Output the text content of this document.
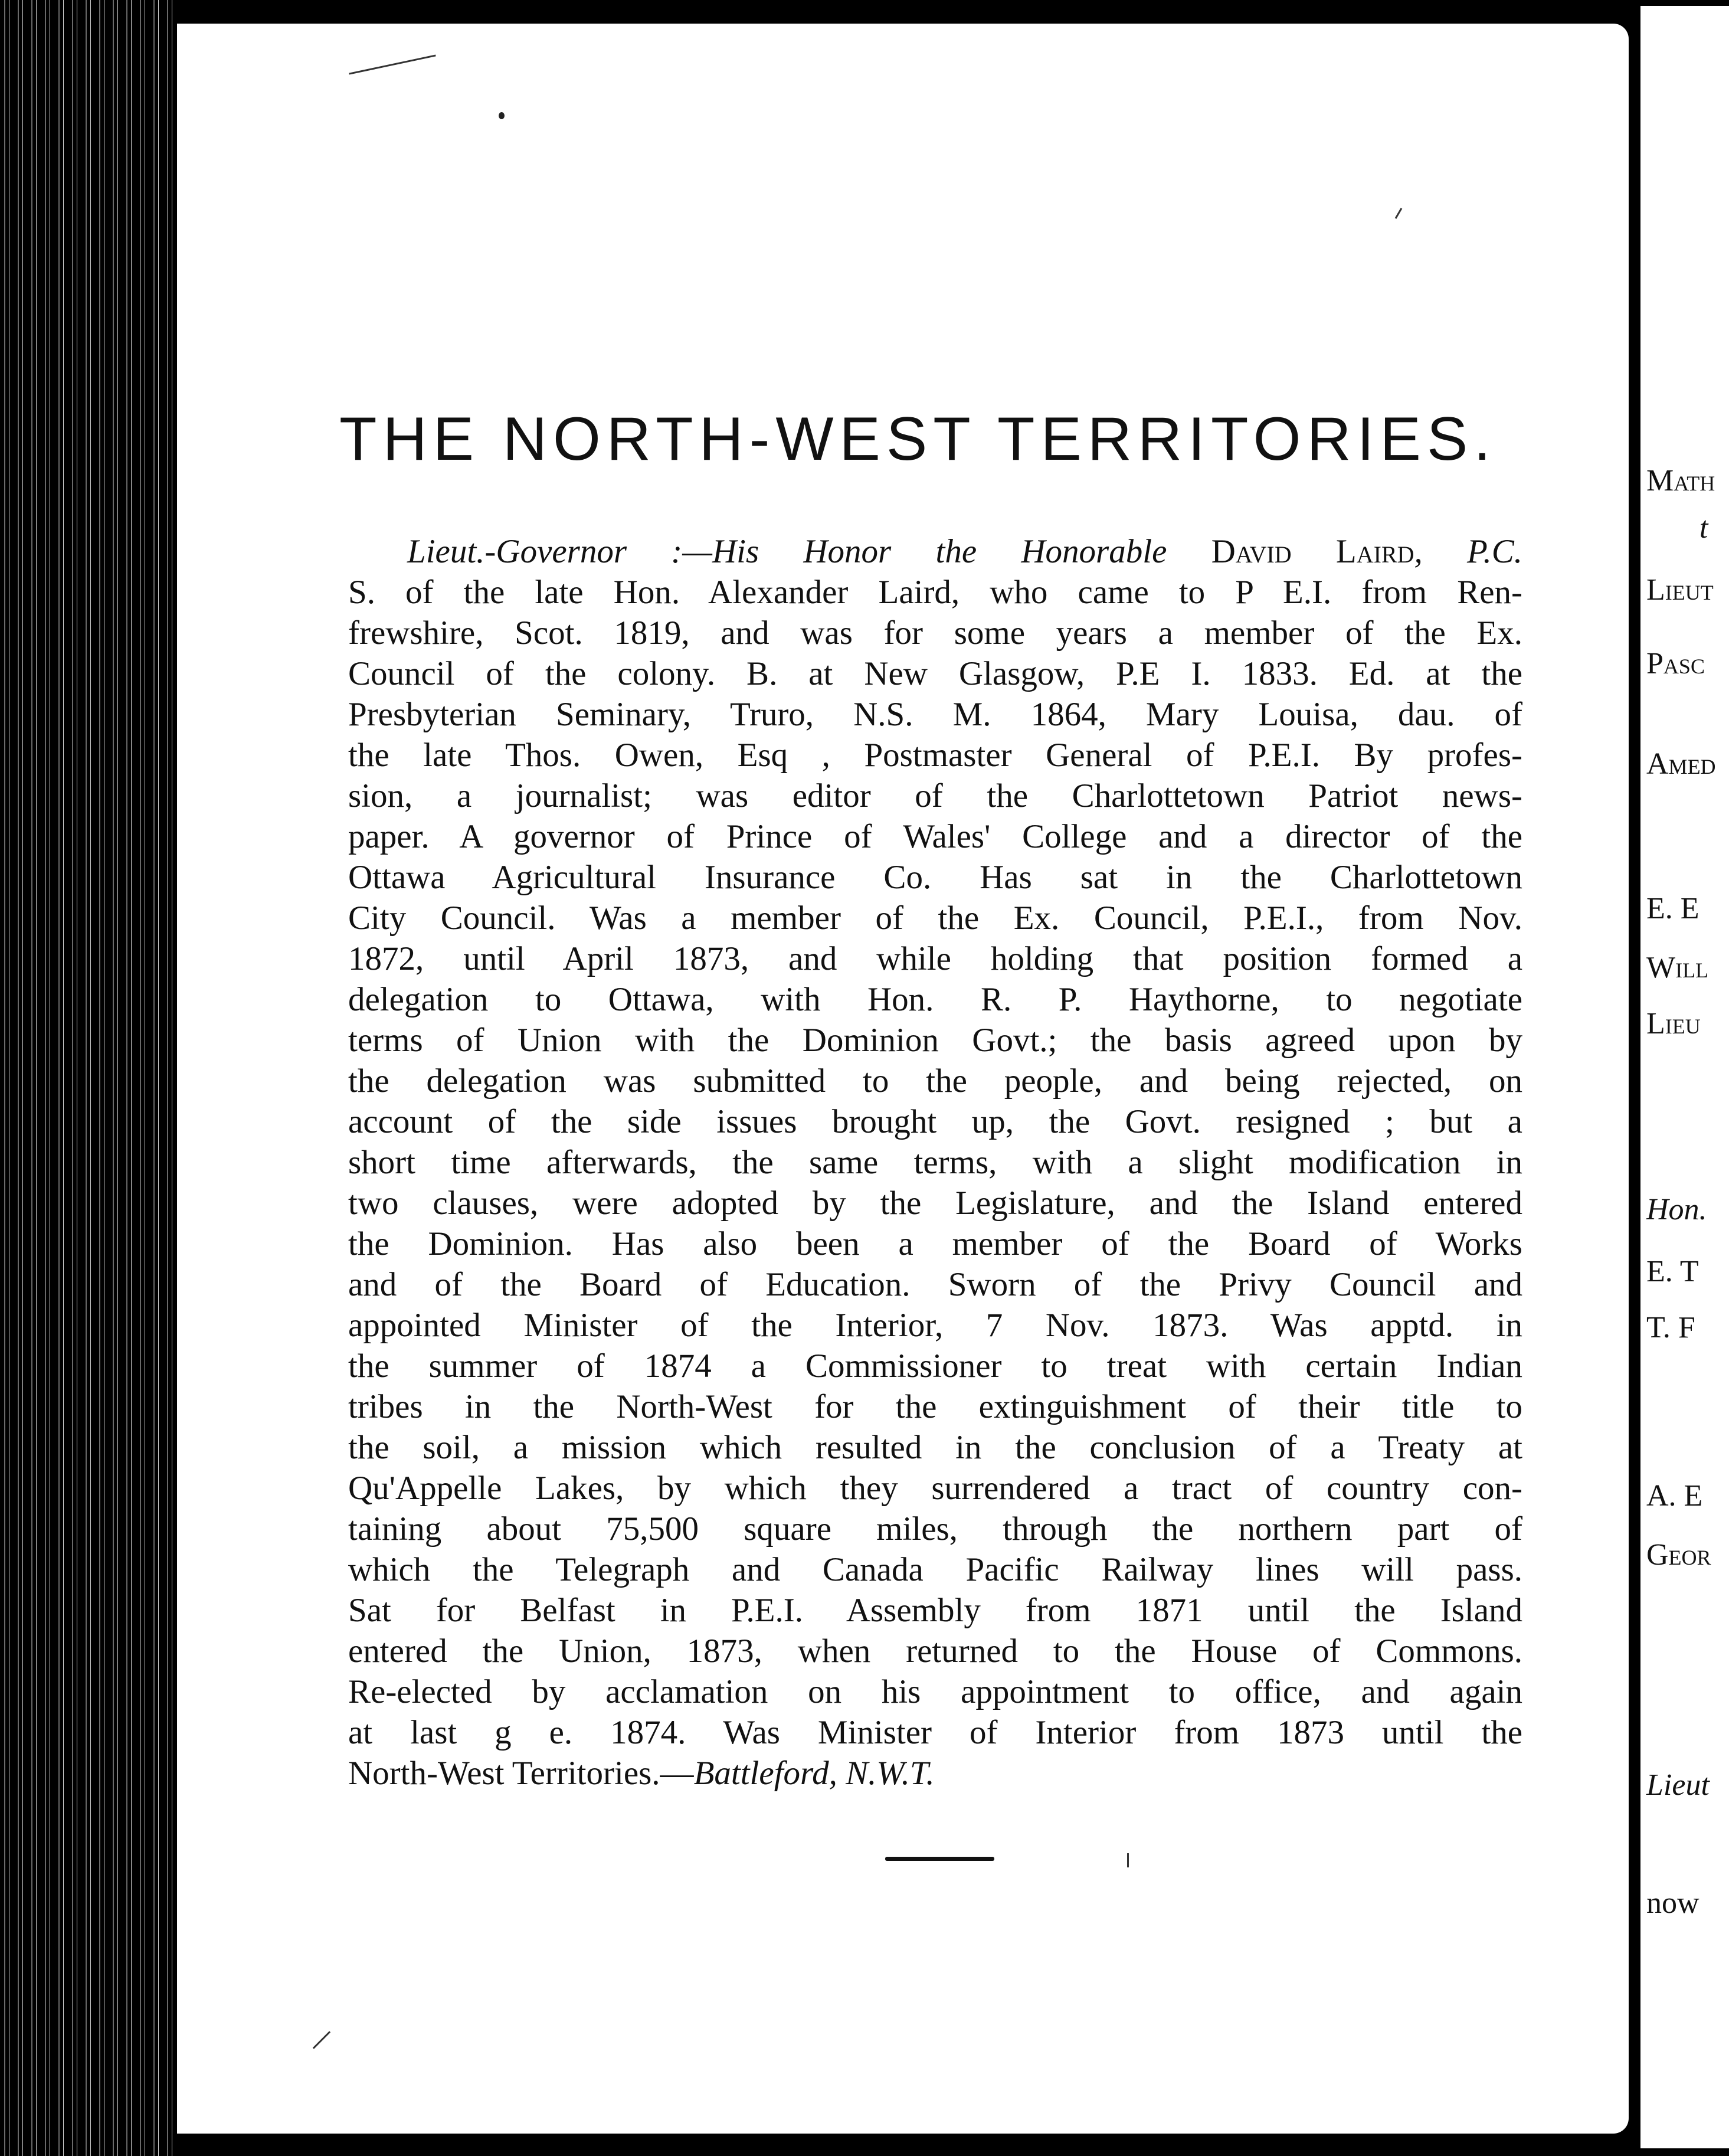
THE NORTH-WEST TERRITORIES.
Lieut.-Governor :—His Honor the Honorable David Laird, P.C.
S. of the late Hon. Alexander Laird, who came to P E.I. from Ren-
frewshire, Scot. 1819, and was for some years a member of the Ex.
Council of the colony. B. at New Glasgow, P.E I. 1833. Ed. at the
Presbyterian Seminary, Truro, N.S. M. 1864, Mary Louisa, dau. of
the late Thos. Owen, Esq , Postmaster General of P.E.I. By profes-
sion, a journalist; was editor of the Charlottetown Patriot news-
paper. A governor of Prince of Wales' College and a director of the
Ottawa Agricultural Insurance Co. Has sat in the Charlottetown
City Council. Was a member of the Ex. Council, P.E.I., from Nov.
1872, until April 1873, and while holding that position formed a
delegation to Ottawa, with Hon. R. P. Haythorne, to negotiate
terms of Union with the Dominion Govt.; the basis agreed upon by
the delegation was submitted to the people, and being rejected, on
account of the side issues brought up, the Govt. resigned ; but a
short time afterwards, the same terms, with a slight modification in
two clauses, were adopted by the Legislature, and the Island entered
the Dominion. Has also been a member of the Board of Works
and of the Board of Education. Sworn of the Privy Council and
appointed Minister of the Interior, 7 Nov. 1873. Was apptd. in
the summer of 1874 a Commissioner to treat with certain Indian
tribes in the North-West for the extinguishment of their title to
the soil, a mission which resulted in the conclusion of a Treaty at
Qu'Appelle Lakes, by which they surrendered a tract of country con-
taining about 75,500 square miles, through the northern part of
which the Telegraph and Canada Pacific Railway lines will pass.
Sat for Belfast in P.E.I. Assembly from 1871 until the Island
entered the Union, 1873, when returned to the House of Commons.
Re-elected by acclamation on his appointment to office, and again
at last g e. 1874. Was Minister of Interior from 1873 until the
North-West Territories.—Battleford, N.W.T.
Math
t
Lieut
Pasc
Amed
E. E
Will
Lieu
Hon.
E. T
T. F
A. E
Geor
Lieut
now
